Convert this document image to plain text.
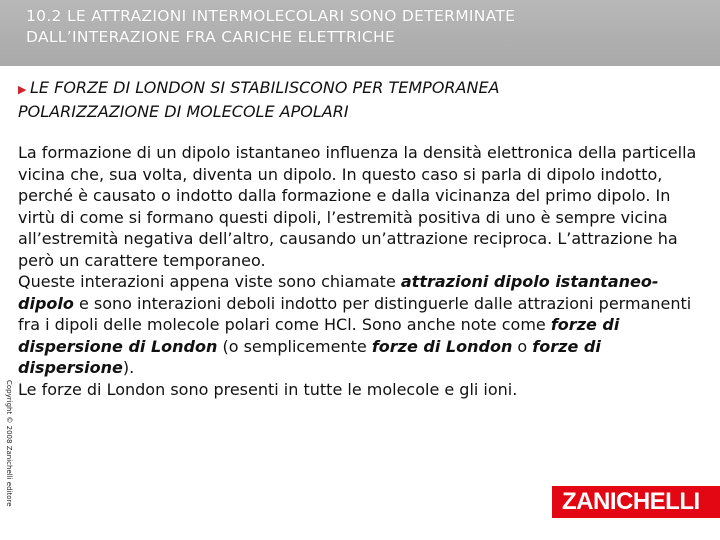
10.2 LE ATTRAZIONI INTERMOLECOLARI SONO DETERMINATE
DALL’INTERAZIONE FRA CARICHE ELETTRICHE
▶ LE FORZE DI LONDON SI STABILISCONO PER TEMPORANEA
POLARIZZAZIONE DI MOLECOLE APOLARI

La formazione di un dipolo istantaneo influenza la densità elettronica della particella vicina che, sua volta, diventa un dipolo. In questo caso si parla di dipolo indotto, perché è causato o indotto dalla formazione e dalla vicinanza del primo dipolo. In virtù di come si formano questi dipoli, l’estremità positiva di uno è sempre vicina all’estremità negativa dell’altro, causando un’attrazione reciproca. L’attrazione ha però un carattere temporaneo.

Queste interazioni appena viste sono chiamate attrazioni dipolo istantaneo-dipolo e sono interazioni deboli indotto per distinguerle dalle attrazioni permanenti fra i dipoli delle molecole polari come HCl. Sono anche note come forze di dispersione di London (o semplicemente forze di London o forze di dispersione).

Le forze di London sono presenti in tutte le molecole e gli ioni.

Copyright © 2008 Zanichelli editore	ZANICHELLI
